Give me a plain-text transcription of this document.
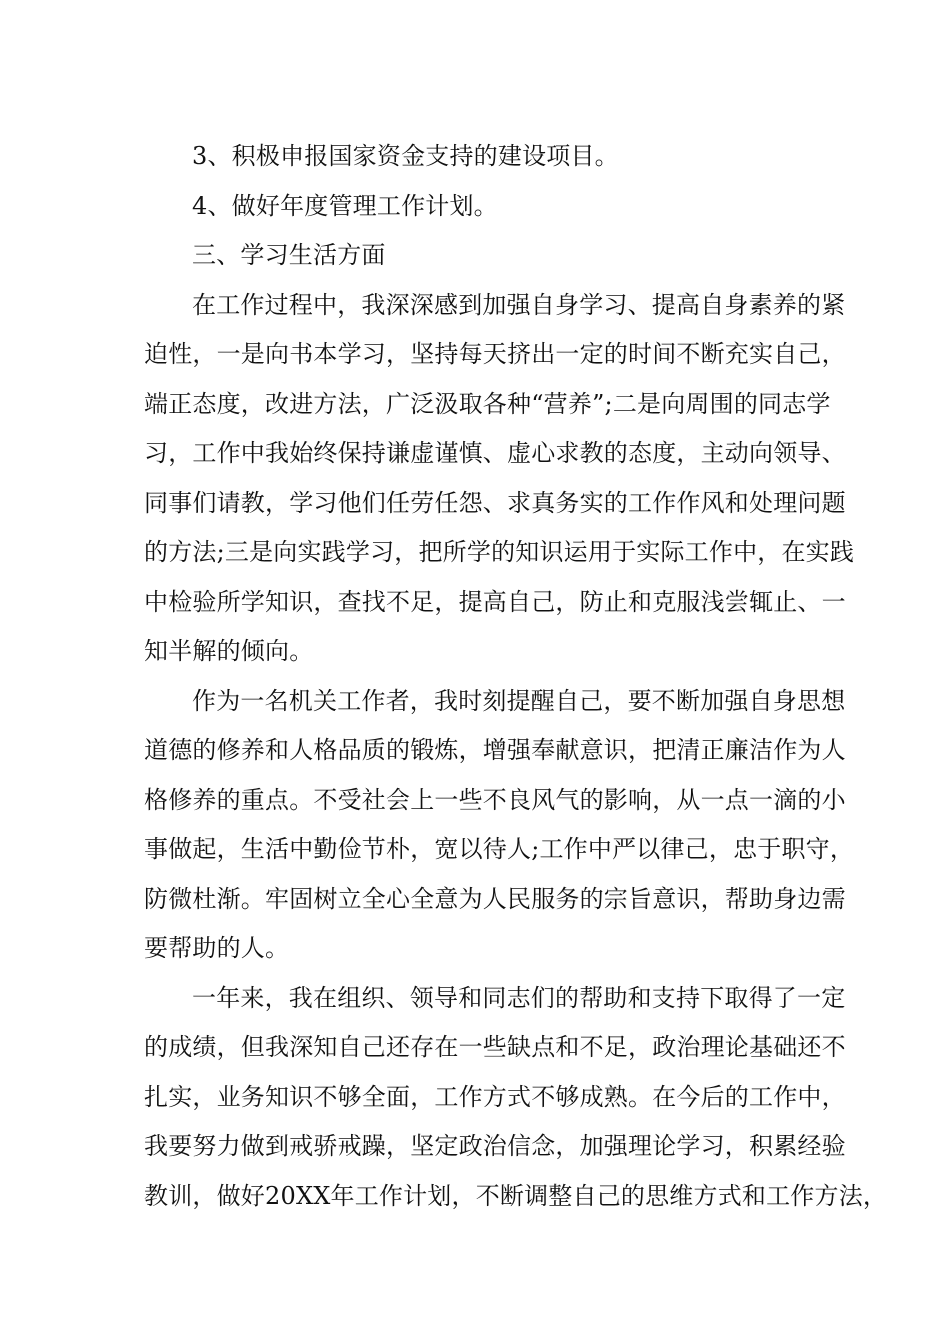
3、积极申报国家资金支持的建设项目。

4、做好年度管理工作计划。

三、学习生活方面

在工作过程中，我深深感到加强自身学习、提高自身素养的紧
迫性，一是向书本学习，坚持每天挤出一定的时间不断充实自己，
端正态度，改进方法，广泛汲取各种“营养”;二是向周围的同志学
习，工作中我始终保持谦虚谨慎、虚心求教的态度，主动向领导、
同事们请教，学习他们任劳任怨、求真务实的工作作风和处理问题
的方法;三是向实践学习，把所学的知识运用于实际工作中，在实践
中检验所学知识，查找不足，提高自己，防止和克服浅尝辄止、一
知半解的倾向。

作为一名机关工作者，我时刻提醒自己，要不断加强自身思想
道德的修养和人格品质的锻炼，增强奉献意识，把清正廉洁作为人
格修养的重点。不受社会上一些不良风气的影响，从一点一滴的小
事做起，生活中勤俭节朴，宽以待人;工作中严以律己，忠于职守，
防微杜渐。牢固树立全心全意为人民服务的宗旨意识，帮助身边需
要帮助的人。

一年来，我在组织、领导和同志们的帮助和支持下取得了一定
的成绩，但我深知自己还存在一些缺点和不足，政治理论基础还不
扎实，业务知识不够全面，工作方式不够成熟。在今后的工作中，
我要努力做到戒骄戒躁，坚定政治信念，加强理论学习，积累经验
教训，做好20XX年工作计划，不断调整自己的思维方式和工作方法，
